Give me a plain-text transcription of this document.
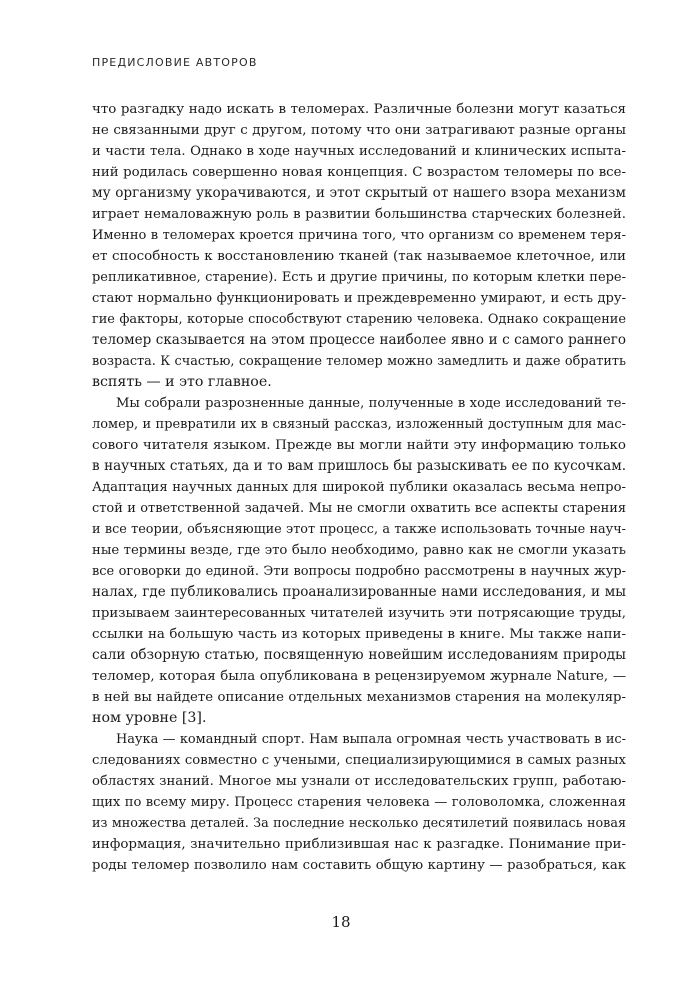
ПРЕДИСЛОВИЕ АВТОРОВ
что разгадку надо искать в теломерах. Различные болезни могут казаться
не связанными друг с другом, потому что они затрагивают разные органы
и части тела. Однако в ходе научных исследований и клинических испыта-
ний родилась совершенно новая концепция. С возрастом теломеры по все-
му организму укорачиваются, и этот скрытый от нашего взора механизм
играет немаловажную роль в развитии большинства старческих болезней.
Именно в теломерах кроется причина того, что организм со временем теря-
ет способность к восстановлению тканей (так называемое клеточное, или
репликативное, старение). Есть и другие причины, по которым клетки пере-
стают нормально функционировать и преждевременно умирают, и есть дру-
гие факторы, которые способствуют старению человека. Однако сокращение
теломер сказывается на этом процессе наиболее явно и с самого раннего
возраста. К счастью, сокращение теломер можно замедлить и даже обратить
вспять — и это главное.
Мы собрали разрозненные данные, полученные в ходе исследований те-
ломер, и превратили их в связный рассказ, изложенный доступным для мас-
сового читателя языком. Прежде вы могли найти эту информацию только
в научных статьях, да и то вам пришлось бы разыскивать ее по кусочкам.
Адаптация научных данных для широкой публики оказалась весьма непро-
стой и ответственной задачей. Мы не смогли охватить все аспекты старения
и все теории, объясняющие этот процесс, а также использовать точные науч-
ные термины везде, где это было необходимо, равно как не смогли указать
все оговорки до единой. Эти вопросы подробно рассмотрены в научных жур-
налах, где публиковались проанализированные нами исследования, и мы
призываем заинтересованных читателей изучить эти потрясающие труды,
ссылки на большую часть из которых приведены в книге. Мы также напи-
сали обзорную статью, посвященную новейшим исследованиям природы
теломер, которая была опубликована в рецензируемом журнале Nature, —
в ней вы найдете описание отдельных механизмов старения на молекуляр-
ном уровне [3].
Наука — командный спорт. Нам выпала огромная честь участвовать в ис-
следованиях совместно с учеными, специализирующимися в самых разных
областях знаний. Многое мы узнали от исследовательских групп, работаю-
щих по всему миру. Процесс старения человека — головоломка, сложенная
из множества деталей. За последние несколько десятилетий появилась новая
информация, значительно приблизившая нас к разгадке. Понимание при-
роды теломер позволило нам составить общую картину — разобраться, как
18
